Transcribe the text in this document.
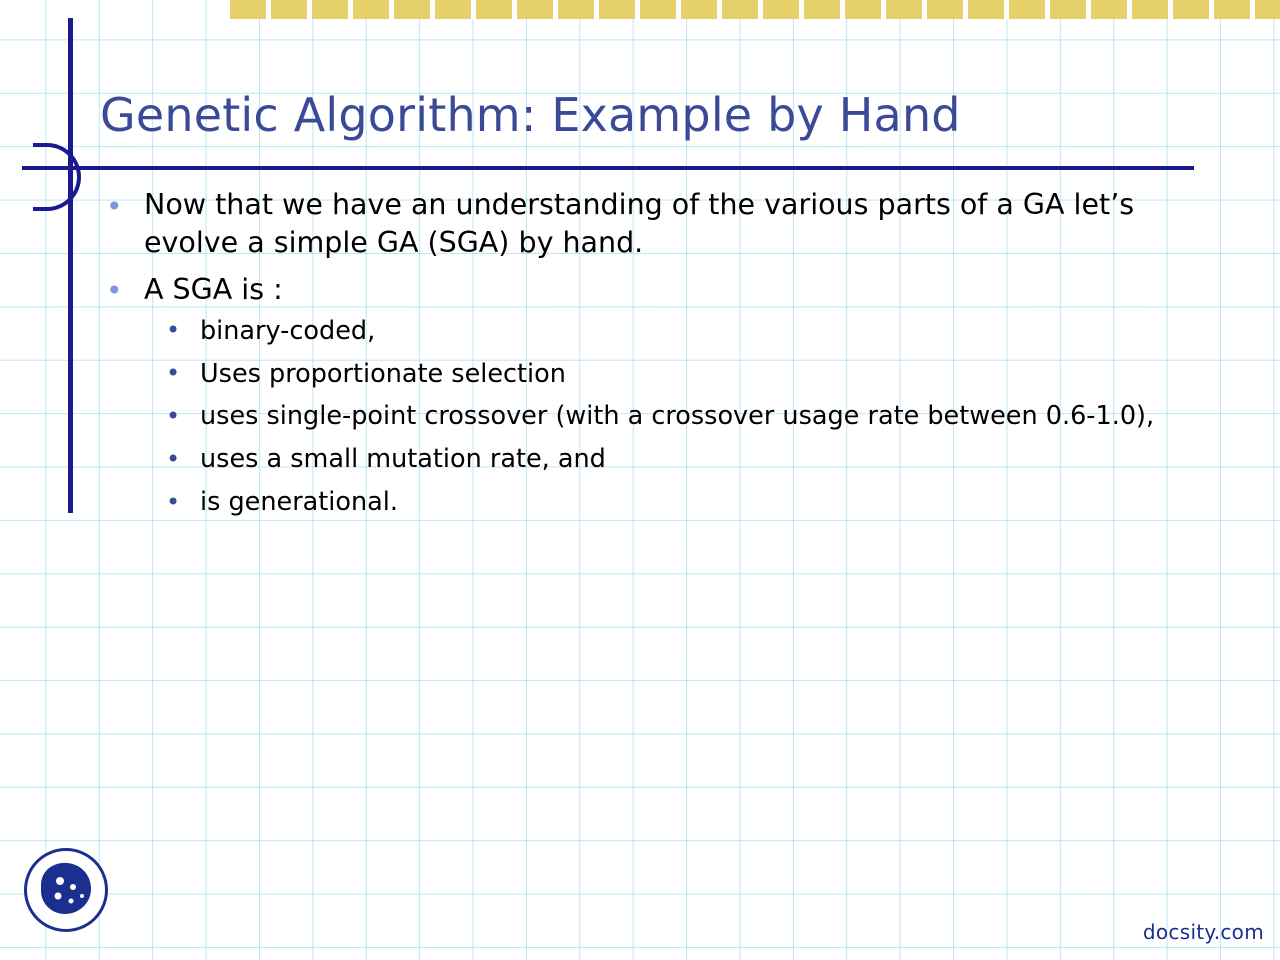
Genetic Algorithm: Example by Hand
• Now that we have an understanding of the various parts of a GA let’s evolve a simple GA (SGA) by hand.
• A SGA is :
• binary-coded,
• Uses proportionate selection
• uses single-point crossover (with a crossover usage rate between 0.6-1.0),
• uses a small mutation rate, and
• is generational.
docsity.com
